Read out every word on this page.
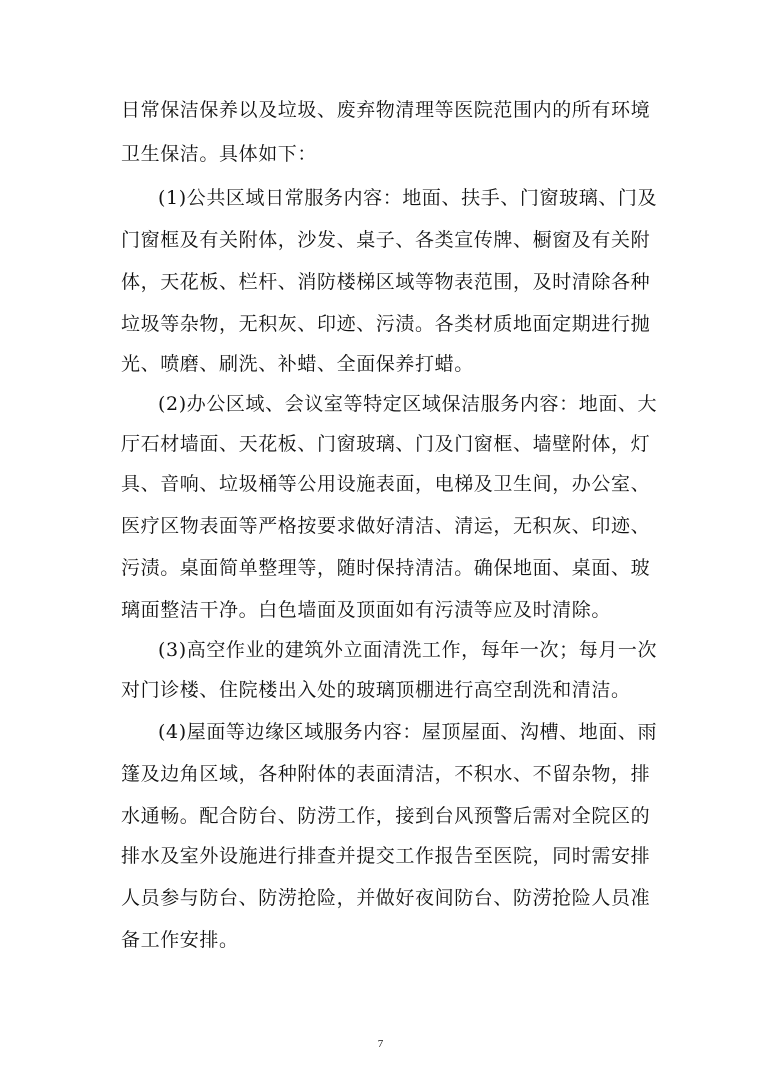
日常保洁保养以及垃圾、废弃物清理等医院范围内的所有环境
卫生保洁。具体如下：
(1)公共区域日常服务内容：地面、扶手、门窗玻璃、门及
门窗框及有关附体，沙发、桌子、各类宣传牌、橱窗及有关附
体，天花板、栏杆、消防楼梯区域等物表范围，及时清除各种
垃圾等杂物，无积灰、印迹、污渍。各类材质地面定期进行抛
光、喷磨、刷洗、补蜡、全面保养打蜡。
(2)办公区域、会议室等特定区域保洁服务内容：地面、大
厅石材墙面、天花板、门窗玻璃、门及门窗框、墙壁附体，灯
具、音响、垃圾桶等公用设施表面，电梯及卫生间，办公室、
医疗区物表面等严格按要求做好清洁、清运，无积灰、印迹、
污渍。桌面简单整理等，随时保持清洁。确保地面、桌面、玻
璃面整洁干净。白色墙面及顶面如有污渍等应及时清除。
(3)高空作业的建筑外立面清洗工作，每年一次；每月一次
对门诊楼、住院楼出入处的玻璃顶棚进行高空刮洗和清洁。
(4)屋面等边缘区域服务内容：屋顶屋面、沟槽、地面、雨
篷及边角区域，各种附体的表面清洁，不积水、不留杂物，排
水通畅。配合防台、防涝工作，接到台风预警后需对全院区的
排水及室外设施进行排查并提交工作报告至医院，同时需安排
人员参与防台、防涝抢险，并做好夜间防台、防涝抢险人员准
备工作安排。
7
